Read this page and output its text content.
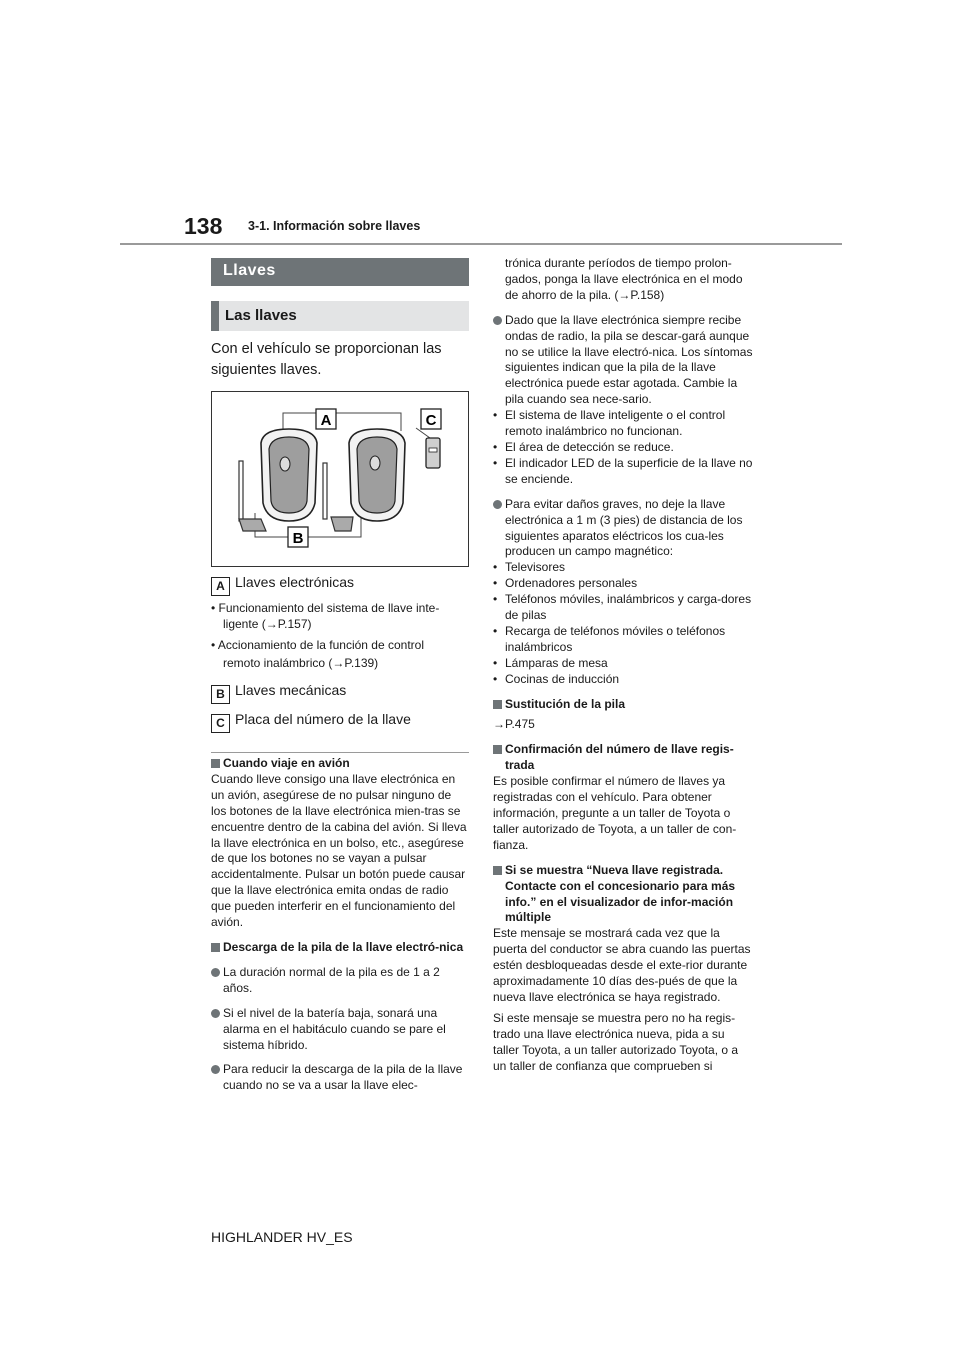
138 3-1. Información sobre llaves
Llaves
Las llaves
Con el vehículo se proporcionan las siguientes llaves.
A	C
B
A Llaves electrónicas
• Funcionamiento del sistema de llave inte-
ligente (→P.157)
• Accionamiento de la función de control
remoto inalámbrico (→P.139)
B Llaves mecánicas
C Placa del número de la llave

Cuando viaje en avión

Cuando lleve consigo una llave electrónica en un avión, asegúrese de no pulsar ninguno de los botones de la llave electrónica mien-tras se encuentre dentro de la cabina del avión. Si lleva la llave electrónica en un bolso, etc., asegúrese de que los botones no se vayan a pulsar accidentalmente. Pulsar un botón puede causar que la llave electrónica emita ondas de radio que pueden interferir en el funcionamiento del avión.

Descarga de la pila de la llave electró-nica

La duración normal de la pila es de 1 a 2 años.

Si el nivel de la batería baja, sonará una alarma en el habitáculo cuando se pare el sistema híbrido.

Para reducir la descarga de la pila de la llave cuando no se va a usar la llave elec-

trónica durante períodos de tiempo prolon-gados, ponga la llave electrónica en el modo de ahorro de la pila. (→P.158)

Dado que la llave electrónica siempre recibe ondas de radio, la pila se descar-gará aunque no se utilice la llave electró-nica. Los síntomas siguientes indican que la pila de la llave electrónica puede estar agotada. Cambie la pila cuando sea nece-sario.

• El sistema de llave inteligente o el control remoto inalámbrico no funcionan.

• El área de detección se reduce.

• El indicador LED de la superficie de la llave no se enciende.

Para evitar daños graves, no deje la llave electrónica a 1 m (3 pies) de distancia de los siguientes aparatos eléctricos los cua-les producen un campo magnético:

• Televisores

• Ordenadores personales

• Teléfonos móviles, inalámbricos y carga-dores de pilas

• Recarga de teléfonos móviles o teléfonos inalámbricos

• Lámparas de mesa

• Cocinas de inducción

Sustitución de la pila

→P.475

Confirmación del número de llave regis-trada

Es posible confirmar el número de llaves ya registradas con el vehículo. Para obtener información, pregunte a un taller de Toyota o taller autorizado de Toyota, a un taller de con-fianza.

Si se muestra “Nueva llave registrada. Contacte con el concesionario para más info.” en el visualizador de infor-mación múltiple

Este mensaje se mostrará cada vez que la puerta del conductor se abra cuando las puertas estén desbloqueadas desde el exte-rior durante aproximadamente 10 días des-pués de que la nueva llave electrónica se haya registrado.

Si este mensaje se muestra pero no ha regis-trado una llave electrónica nueva, pida a su taller Toyota, a un taller autorizado Toyota, o a un taller de confianza que comprueben si

HIGHLANDER HV_ES
